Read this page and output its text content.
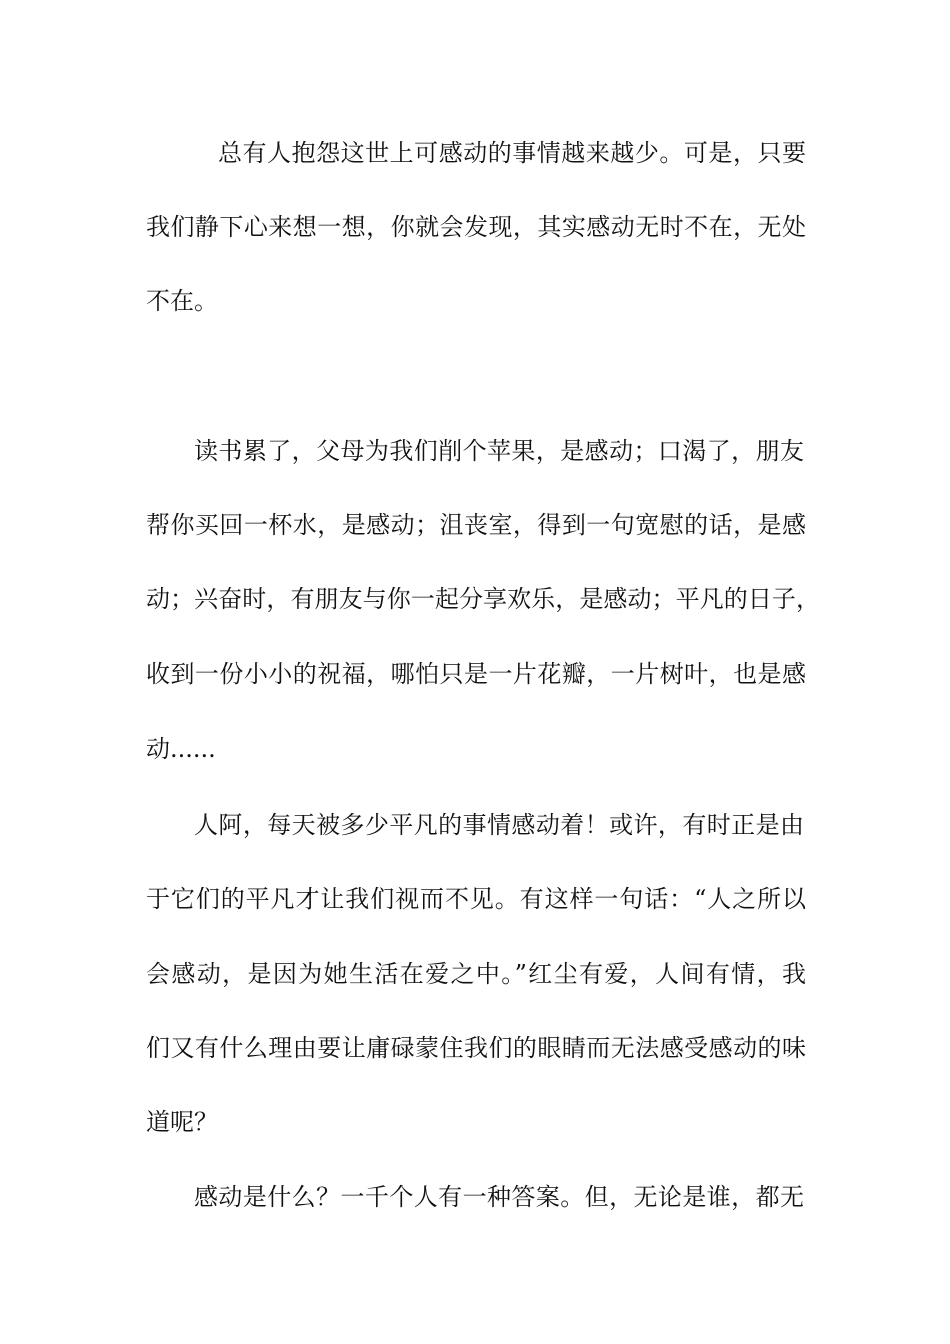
总有人抱怨这世上可感动的事情越来越少。可是，只要
我们静下心来想一想，你就会发现，其实感动无时不在，无处
不在。
读书累了，父母为我们削个苹果，是感动；口渴了，朋友
帮你买回一杯水，是感动；沮丧室，得到一句宽慰的话，是感
动；兴奋时，有朋友与你一起分享欢乐，是感动；平凡的日子，
收到一份小小的祝福，哪怕只是一片花瓣，一片树叶，也是感
动......
人阿，每天被多少平凡的事情感动着！或许，有时正是由
于它们的平凡才让我们视而不见。有这样一句话：“人之所以
会感动，是因为她生活在爱之中。”红尘有爱，人间有情，我
们又有什么理由要让庸碌蒙住我们的眼睛而无法感受感动的味
道呢？
感动是什么？一千个人有一种答案。但，无论是谁，都无
